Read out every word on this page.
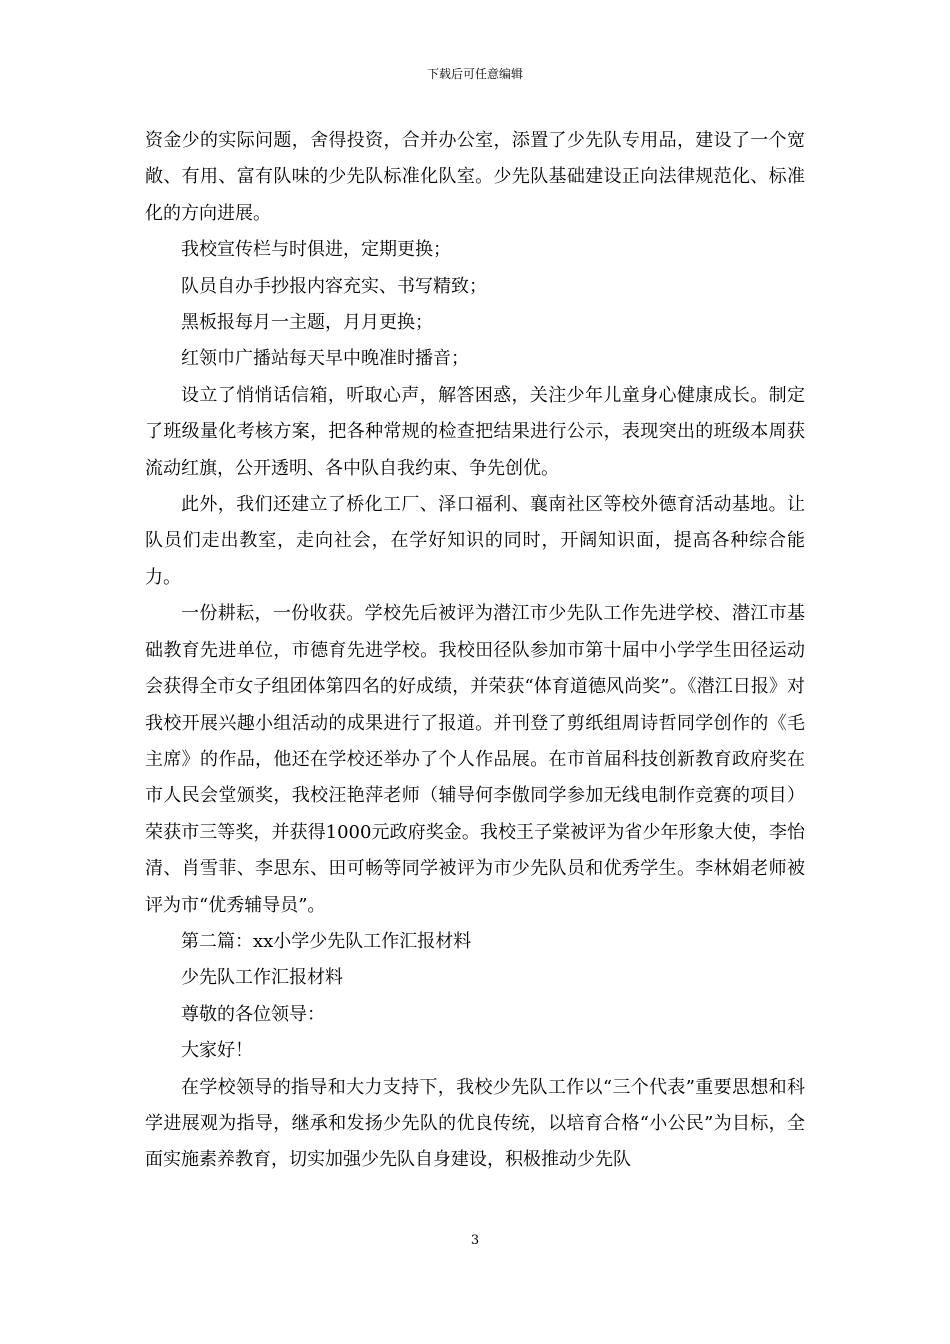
下载后可任意编辑

资金少的实际问题，舍得投资，合并办公室，添置了少先队专用品，建设了一个宽敞、有用、富有队味的少先队标准化队室。少先队基础建设正向法律规范化、标准化的方向进展。

我校宣传栏与时俱进，定期更换；

队员自办手抄报内容充实、书写精致；

黑板报每月一主题，月月更换；

红领巾广播站每天早中晚准时播音；

设立了悄悄话信箱，听取心声，解答困惑，关注少年儿童身心健康成长。制定了班级量化考核方案，把各种常规的检查把结果进行公示，表现突出的班级本周获流动红旗，公开透明、各中队自我约束、争先创优。

此外，我们还建立了桥化工厂、泽口福利、襄南社区等校外德育活动基地。让队员们走出教室，走向社会，在学好知识的同时，开阔知识面，提高各种综合能力。

一份耕耘，一份收获。学校先后被评为潜江市少先队工作先进学校、潜江市基础教育先进单位，市德育先进学校。我校田径队参加市第十届中小学学生田径运动会获得全市女子组团体第四名的好成绩，并荣获“体育道德风尚奖”。《潜江日报》对我校开展兴趣小组活动的成果进行了报道。并刊登了剪纸组周诗哲同学创作的《毛主席》的作品，他还在学校还举办了个人作品展。在市首届科技创新教育政府奖在市人民会堂颁奖，我校汪艳萍老师（辅导何李傲同学参加无线电制作竞赛的项目）荣获市三等奖，并获得1000元政府奖金。我校王子棠被评为省少年形象大使，李怡清、肖雪菲、李思东、田可畅等同学被评为市少先队员和优秀学生。李林娟老师被评为市“优秀辅导员”。

第二篇：xx小学少先队工作汇报材料

少先队工作汇报材料

尊敬的各位领导：

大家好！

在学校领导的指导和大力支持下，我校少先队工作以“三个代表”重要思想和科学进展观为指导，继承和发扬少先队的优良传统，以培育合格“小公民”为目标，全面实施素养教育，切实加强少先队自身建设，积极推动少先队

3
